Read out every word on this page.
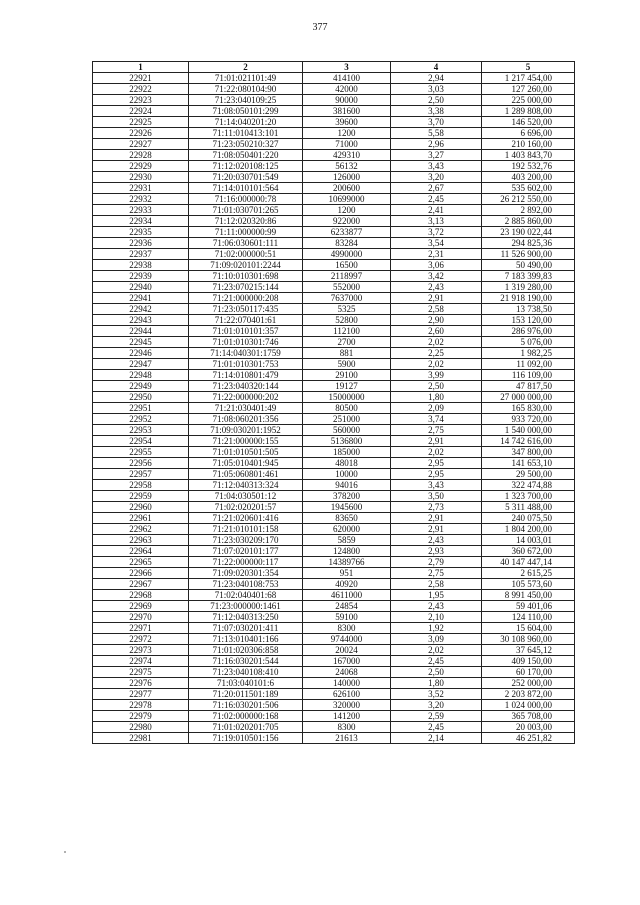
377
1	2	3	4	5
22921	71:01:021101:49	414100	2,94	1 217 454,00
22922	71:22:080104:90	42000	3,03	127 260,00
22923	71:23:040109:25	90000	2,50	225 000,00
22924	71:08:050101:299	381600	3,38	1 289 808,00
22925	71:14:040201:20	39600	3,70	146 520,00
22926	71:11:010413:101	1200	5,58	6 696,00
22927	71:23:050210:327	71000	2,96	210 160,00
22928	71:08:050401:220	429310	3,27	1 403 843,70
22929	71:12:020108:125	56132	3,43	192 532,76
22930	71:20:030701:549	126000	3,20	403 200,00
22931	71:14:010101:564	200600	2,67	535 602,00
22932	71:16:000000:78	10699000	2,45	26 212 550,00
22933	71:01:030701:265	1200	2,41	2 892,00
22934	71:12:020320:86	922000	3,13	2 885 860,00
22935	71:11:000000:99	6233877	3,72	23 190 022,44
22936	71:06:030601:111	83284	3,54	294 825,36
22937	71:02:000000:51	4990000	2,31	11 526 900,00
22938	71:09:020101:2244	16500	3,06	50 490,00
22939	71:10:010301:698	2118997	3,42	7 183 399,83
22940	71:23:070215:144	552000	2,43	1 319 280,00
22941	71:21:000000:208	7637000	2,91	21 918 190,00
22942	71:23:050117:435	5325	2,58	13 738,50
22943	71:22:070401:61	52800	2,90	153 120,00
22944	71:01:010101:357	112100	2,60	286 976,00
22945	71:01:010301:746	2700	2,02	5 076,00
22946	71:14:040301:1759	881	2,25	1 982,25
22947	71:01:010301:753	5900	2,02	11 092,00
22948	71:14:010801:479	29100	3,99	116 109,00
22949	71:23:040320:144	19127	2,50	47 817,50
22950	71:22:000000:202	15000000	1,80	27 000 000,00
22951	71:21:030401:49	80500	2,09	165 830,00
22952	71:08:060201:356	251000	3,74	933 720,00
22953	71:09:030201:1952	560000	2,75	1 540 000,00
22954	71:21:000000:155	5136800	2,91	14 742 616,00
22955	71:01:010501:505	185000	2,02	347 800,00
22956	71:05:010401:945	48018	2,95	141 653,10
22957	71:05:060801:461	10000	2,95	29 500,00
22958	71:12:040313:324	94016	3,43	322 474,88
22959	71:04:030501:12	378200	3,50	1 323 700,00
22960	71:02:020201:57	1945600	2,73	5 311 488,00
22961	71:21:020601:416	83650	2,91	240 075,50
22962	71:21:010101:158	620000	2,91	1 804 200,00
22963	71:23:030209:170	5859	2,43	14 003,01
22964	71:07:020101:177	124800	2,93	360 672,00
22965	71:22:000000:117	14389766	2,79	40 147 447,14
22966	71:09:020301:354	951	2,75	2 615,25
22967	71:23:040108:753	40920	2,58	105 573,60
22968	71:02:040401:68	4611000	1,95	8 991 450,00
22969	71:23:000000:1461	24854	2,43	59 401,06
22970	71:12:040313:250	59100	2,10	124 110,00
22971	71:07:030201:411	8300	1,92	15 604,00
22972	71:13:010401:166	9744000	3,09	30 108 960,00
22973	71:01:020306:858	20024	2,02	37 645,12
22974	71:16:030201:544	167000	2,45	409 150,00
22975	71:23:040108:410	24068	2,50	60 170,00
22976	71:03:040101:6	140000	1,80	252 000,00
22977	71:20:011501:189	626100	3,52	2 203 872,00
22978	71:16:030201:506	320000	3,20	1 024 000,00
22979	71:02:000000:168	141200	2,59	365 708,00
22980	71:01:020201:705	8300	2,45	20 003,00
22981	71:19:010501:156	21613	2,14	46 251,82
